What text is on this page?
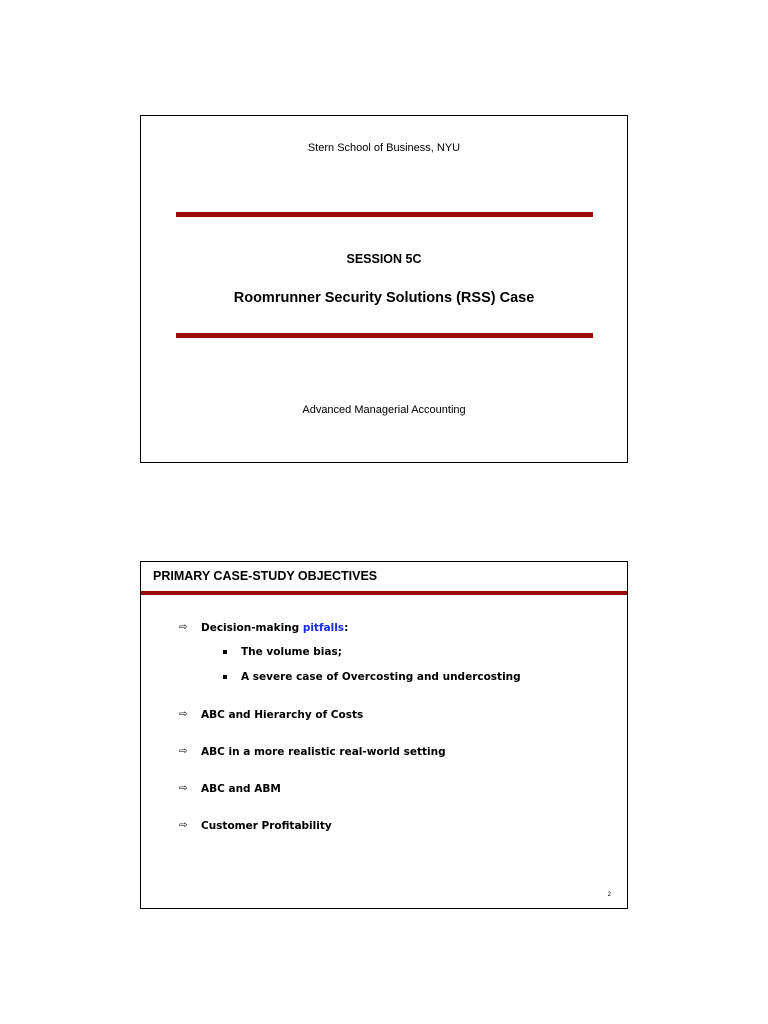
Stern School of Business, NYU
SESSION 5C
Roomrunner Security Solutions (RSS) Case
Advanced Managerial Accounting
PRIMARY CASE-STUDY OBJECTIVES
⇨ Decision-making pitfalls:
The volume bias;
A severe case of Overcosting and undercosting
⇨ ABC and Hierarchy of Costs
⇨ ABC in a more realistic real-world setting
⇨ ABC and ABM
⇨ Customer Profitability
2
